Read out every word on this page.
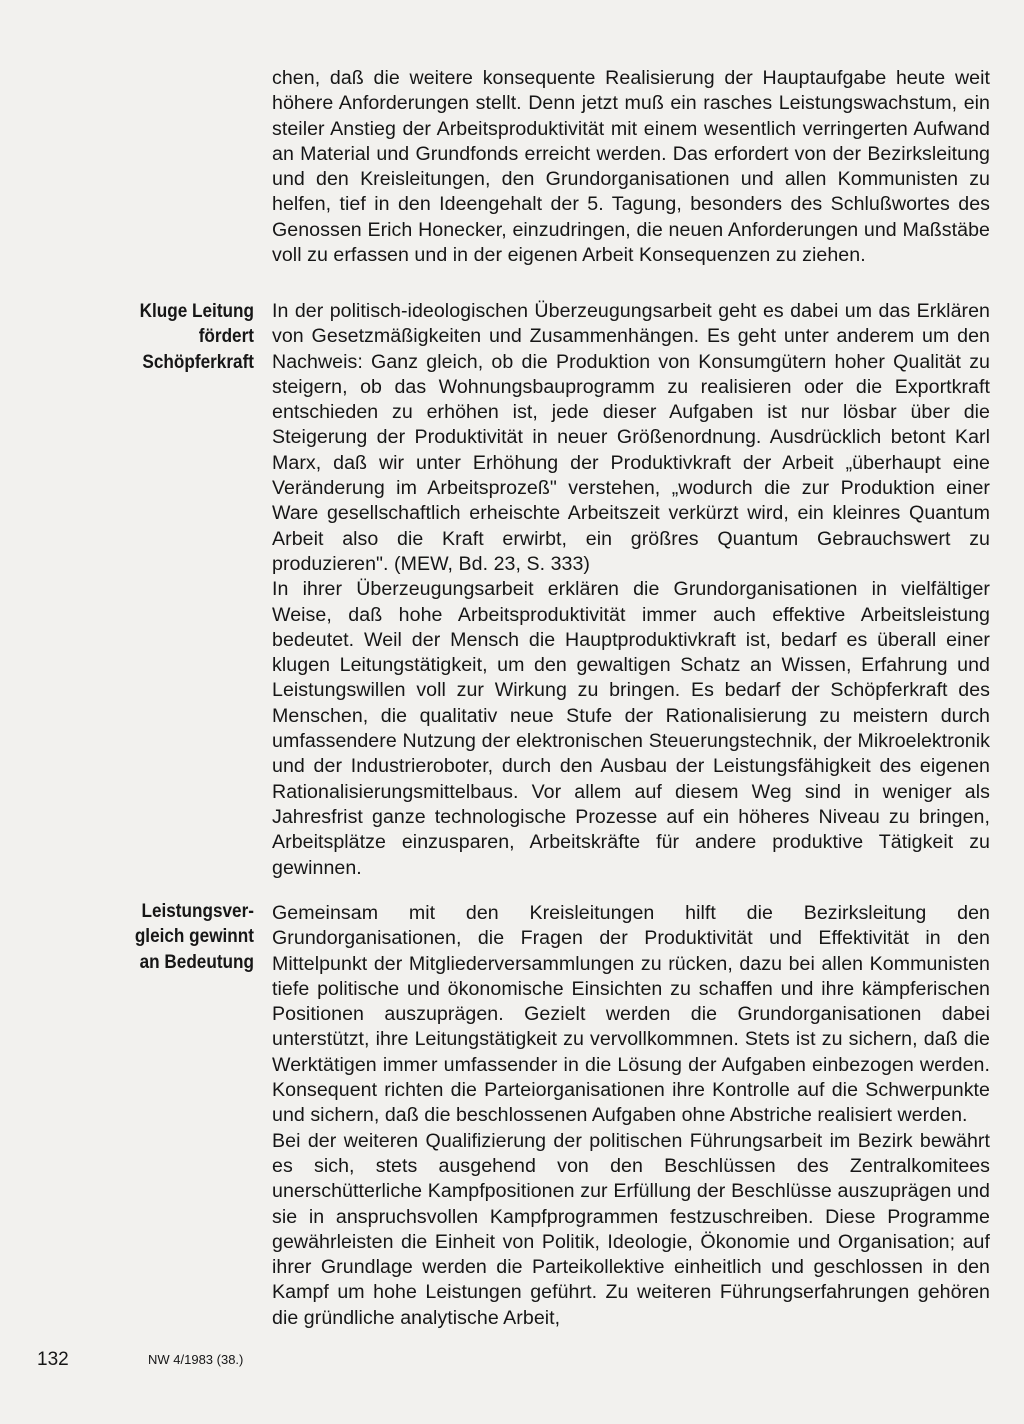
Kluge Leitung
fördert
Schöpferkraft
Leistungsver-
gleich gewinnt
an Bedeutung

chen, daß die weitere konsequente Realisierung der Hauptaufgabe heute weit höhere Anforderungen stellt. Denn jetzt muß ein rasches Leistungswachstum, ein steiler Anstieg der Arbeitsproduktivität mit einem wesentlich verringerten Aufwand an Material und Grundfonds erreicht werden. Das erfordert von der Bezirksleitung und den Kreisleitungen, den Grundorganisationen und allen Kommunisten zu helfen, tief in den Ideengehalt der 5. Tagung, besonders des Schlußwortes des Genossen Erich Honecker, einzudringen, die neuen Anforderungen und Maßstäbe voll zu erfassen und in der eigenen Arbeit Konsequenzen zu ziehen.

In der politisch-ideologischen Überzeugungsarbeit geht es dabei um das Erklären von Gesetzmäßigkeiten und Zusammenhängen. Es geht unter anderem um den Nachweis: Ganz gleich, ob die Produktion von Konsumgütern hoher Qualität zu steigern, ob das Wohnungsbauprogramm zu realisieren oder die Exportkraft entschieden zu erhöhen ist, jede dieser Aufgaben ist nur lösbar über die Steigerung der Produktivität in neuer Größenordnung. Ausdrücklich betont Karl Marx, daß wir unter Erhöhung der Produktivkraft der Arbeit „überhaupt eine Veränderung im Arbeitsprozeß" verstehen, „wodurch die zur Produktion einer Ware gesellschaftlich erheischte Arbeitszeit verkürzt wird, ein kleinres Quantum Arbeit also die Kraft erwirbt, ein größres Quantum Gebrauchswert zu produzieren". (MEW, Bd. 23, S. 333)

In ihrer Überzeugungsarbeit erklären die Grundorganisationen in vielfältiger Weise, daß hohe Arbeitsproduktivität immer auch effektive Arbeitsleistung bedeutet. Weil der Mensch die Hauptproduktivkraft ist, bedarf es überall einer klugen Leitungstätigkeit, um den gewaltigen Schatz an Wissen, Erfahrung und Leistungswillen voll zur Wirkung zu bringen. Es bedarf der Schöpferkraft des Menschen, die qualitativ neue Stufe der Rationalisierung zu meistern durch umfassendere Nutzung der elektronischen Steuerungstechnik, der Mikroelektronik und der Industrieroboter, durch den Ausbau der Leistungsfähigkeit des eigenen Rationalisierungsmittelbaus. Vor allem auf diesem Weg sind in weniger als Jahresfrist ganze technologische Prozesse auf ein höheres Niveau zu bringen, Arbeitsplätze einzusparen, Arbeitskräfte für andere produktive Tätigkeit zu gewinnen.

Gemeinsam mit den Kreisleitungen hilft die Bezirksleitung den Grundorganisationen, die Fragen der Produktivität und Effektivität in den Mittelpunkt der Mitgliederversammlungen zu rücken, dazu bei allen Kommunisten tiefe politische und ökonomische Einsichten zu schaffen und ihre kämpferischen Positionen auszuprägen. Gezielt werden die Grundorganisationen dabei unterstützt, ihre Leitungstätigkeit zu vervollkommnen. Stets ist zu sichern, daß die Werktätigen immer umfassender in die Lösung der Aufgaben einbezogen werden. Konsequent richten die Parteiorganisationen ihre Kontrolle auf die Schwerpunkte und sichern, daß die beschlossenen Aufgaben ohne Abstriche realisiert werden.

Bei der weiteren Qualifizierung der politischen Führungsarbeit im Bezirk bewährt es sich, stets ausgehend von den Beschlüssen des Zentralkomitees unerschütterliche Kampfpositionen zur Erfüllung der Beschlüsse auszuprägen und sie in anspruchsvollen Kampfprogrammen festzuschreiben. Diese Programme gewährleisten die Einheit von Politik, Ideologie, Ökonomie und Organisation; auf ihrer Grundlage werden die Parteikollektive einheitlich und geschlossen in den Kampf um hohe Leistungen geführt. Zu weiteren Führungserfahrungen gehören die gründliche analytische Arbeit,

132	NW 4/1983 (38.)
